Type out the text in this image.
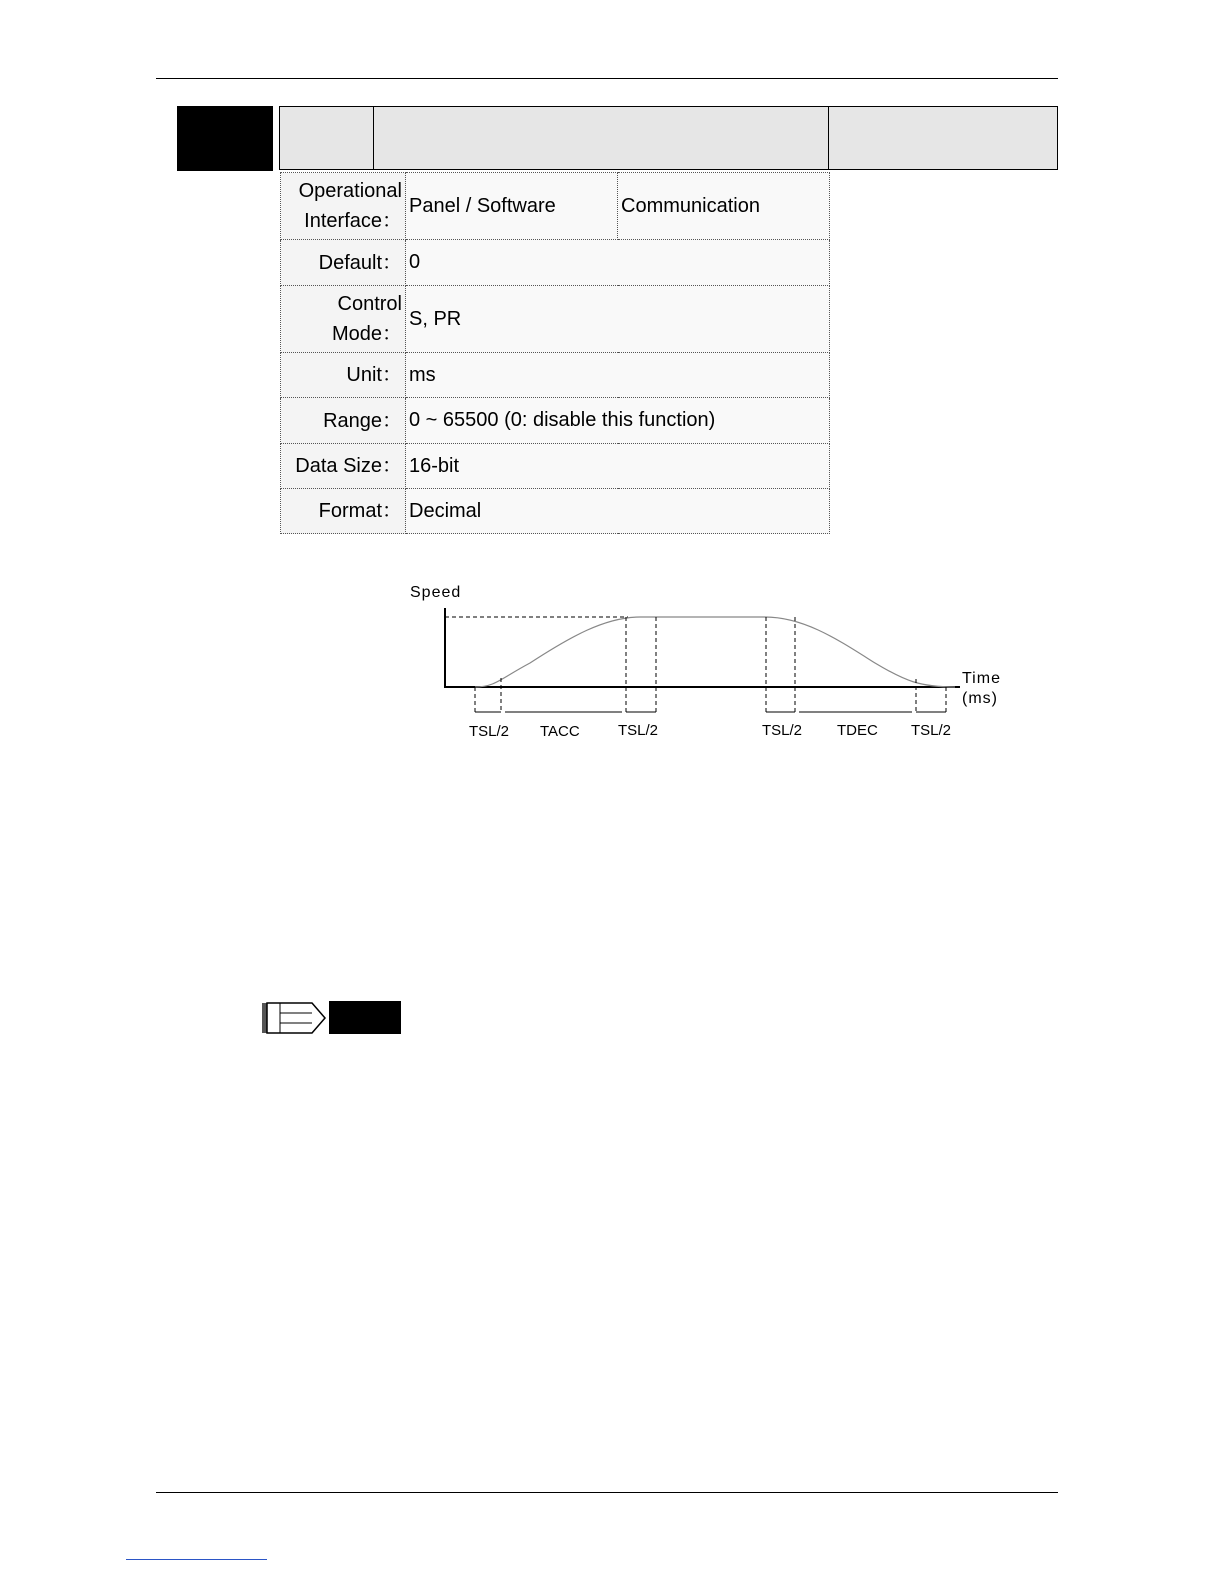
Operational
Interface：	Panel / Software	Communication
Default：	0	
Control
Mode：	S, PR	
Unit：	ms	
Range：	0 ~ 65500 (0: disable this function)	
Data Size：	16-bit	
Format：	Decimal	
Speed
Time
(ms)
TSL/2 TACC	TSL/2	TSL/2 TDEC TSL/2
